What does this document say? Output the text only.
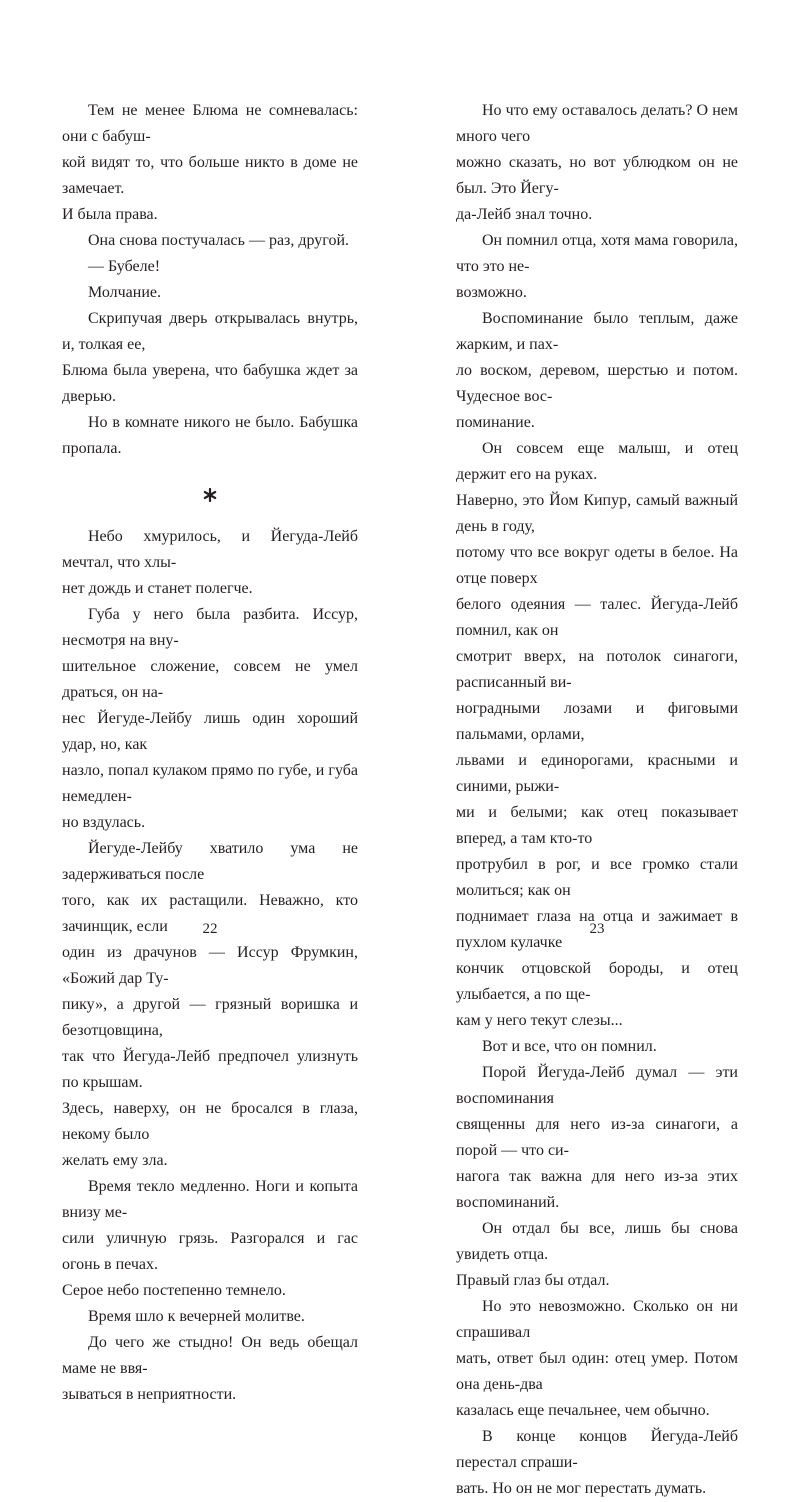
Тем не менее Блюма не сомневалась: они с бабуш-

кой видят то, что больше никто в доме не замечает.

И была права.

Она снова постучалась — раз, другой.

— Бубеле!

Молчание.

Скрипучая дверь открывалась внутрь, и, толкая ее,

Блюма была уверена, что бабушка ждет за дверью.

Но в комнате никого не было. Бабушка пропала.

Небо хмурилось, и Йегуда-Лейб мечтал, что хлы-

нет дождь и станет полегче.

Губа у него была разбита. Иссур, несмотря на вну-

шительное сложение, совсем не умел драться, он на-

нес Йегуде-Лейбу лишь один хороший удар, но, как

назло, попал кулаком прямо по губе, и губа немедлен-

но вздулась.

Йегуде-Лейбу хватило ума не задерживаться после

того, как их растащили. Неважно, кто зачинщик, если

один из драчунов — Иссур Фрумкин, «Божий дар Ту-

пику», а другой — грязный воришка и безотцовщина,

так что Йегуда-Лейб предпочел улизнуть по крышам.

Здесь, наверху, он не бросался в глаза, некому было

желать ему зла.

Время текло медленно. Ноги и копыта внизу ме-

сили уличную грязь. Разгорался и гас огонь в печах.

Серое небо постепенно темнело.

Время шло к вечерней молитве.

До чего же стыдно! Он ведь обещал маме не ввя-

зываться в неприятности.

22

Но что ему оставалось делать? О нем много чего

можно сказать, но вот ублюдком он не был. Это Йегу-

да-Лейб знал точно.

Он помнил отца, хотя мама говорила, что это не-

возможно.

Воспоминание было теплым, даже жарким, и пах-

ло воском, деревом, шерстью и потом. Чудесное вос-

поминание.

Он совсем еще малыш, и отец держит его на руках.

Наверно, это Йом Кипур, самый важный день в году,

потому что все вокруг одеты в белое. На отце поверх

белого одеяния — талес. Йегуда-Лейб помнил, как он

смотрит вверх, на потолок синагоги, расписанный ви-

ноградными лозами и фиговыми пальмами, орлами,

львами и единорогами, красными и синими, рыжи-

ми и белыми; как отец показывает вперед, а там кто-то

протрубил в рог, и все громко стали молиться; как он

поднимает глаза на отца и зажимает в пухлом кулачке

кончик отцовской бороды, и отец улыбается, а по ще-

кам у него текут слезы...

Вот и все, что он помнил.

Порой Йегуда-Лейб думал — эти воспоминания

священны для него из-за синагоги, а порой — что си-

нагога так важна для него из-за этих воспоминаний.

Он отдал бы все, лишь бы снова увидеть отца.

Правый глаз бы отдал.

Но это невозможно. Сколько он ни спрашивал

мать, ответ был один: отец умер. Потом она день-два

казалась еще печальнее, чем обычно.

В конце концов Йегуда-Лейб перестал спраши-

вать. Но он не мог перестать думать.

23
